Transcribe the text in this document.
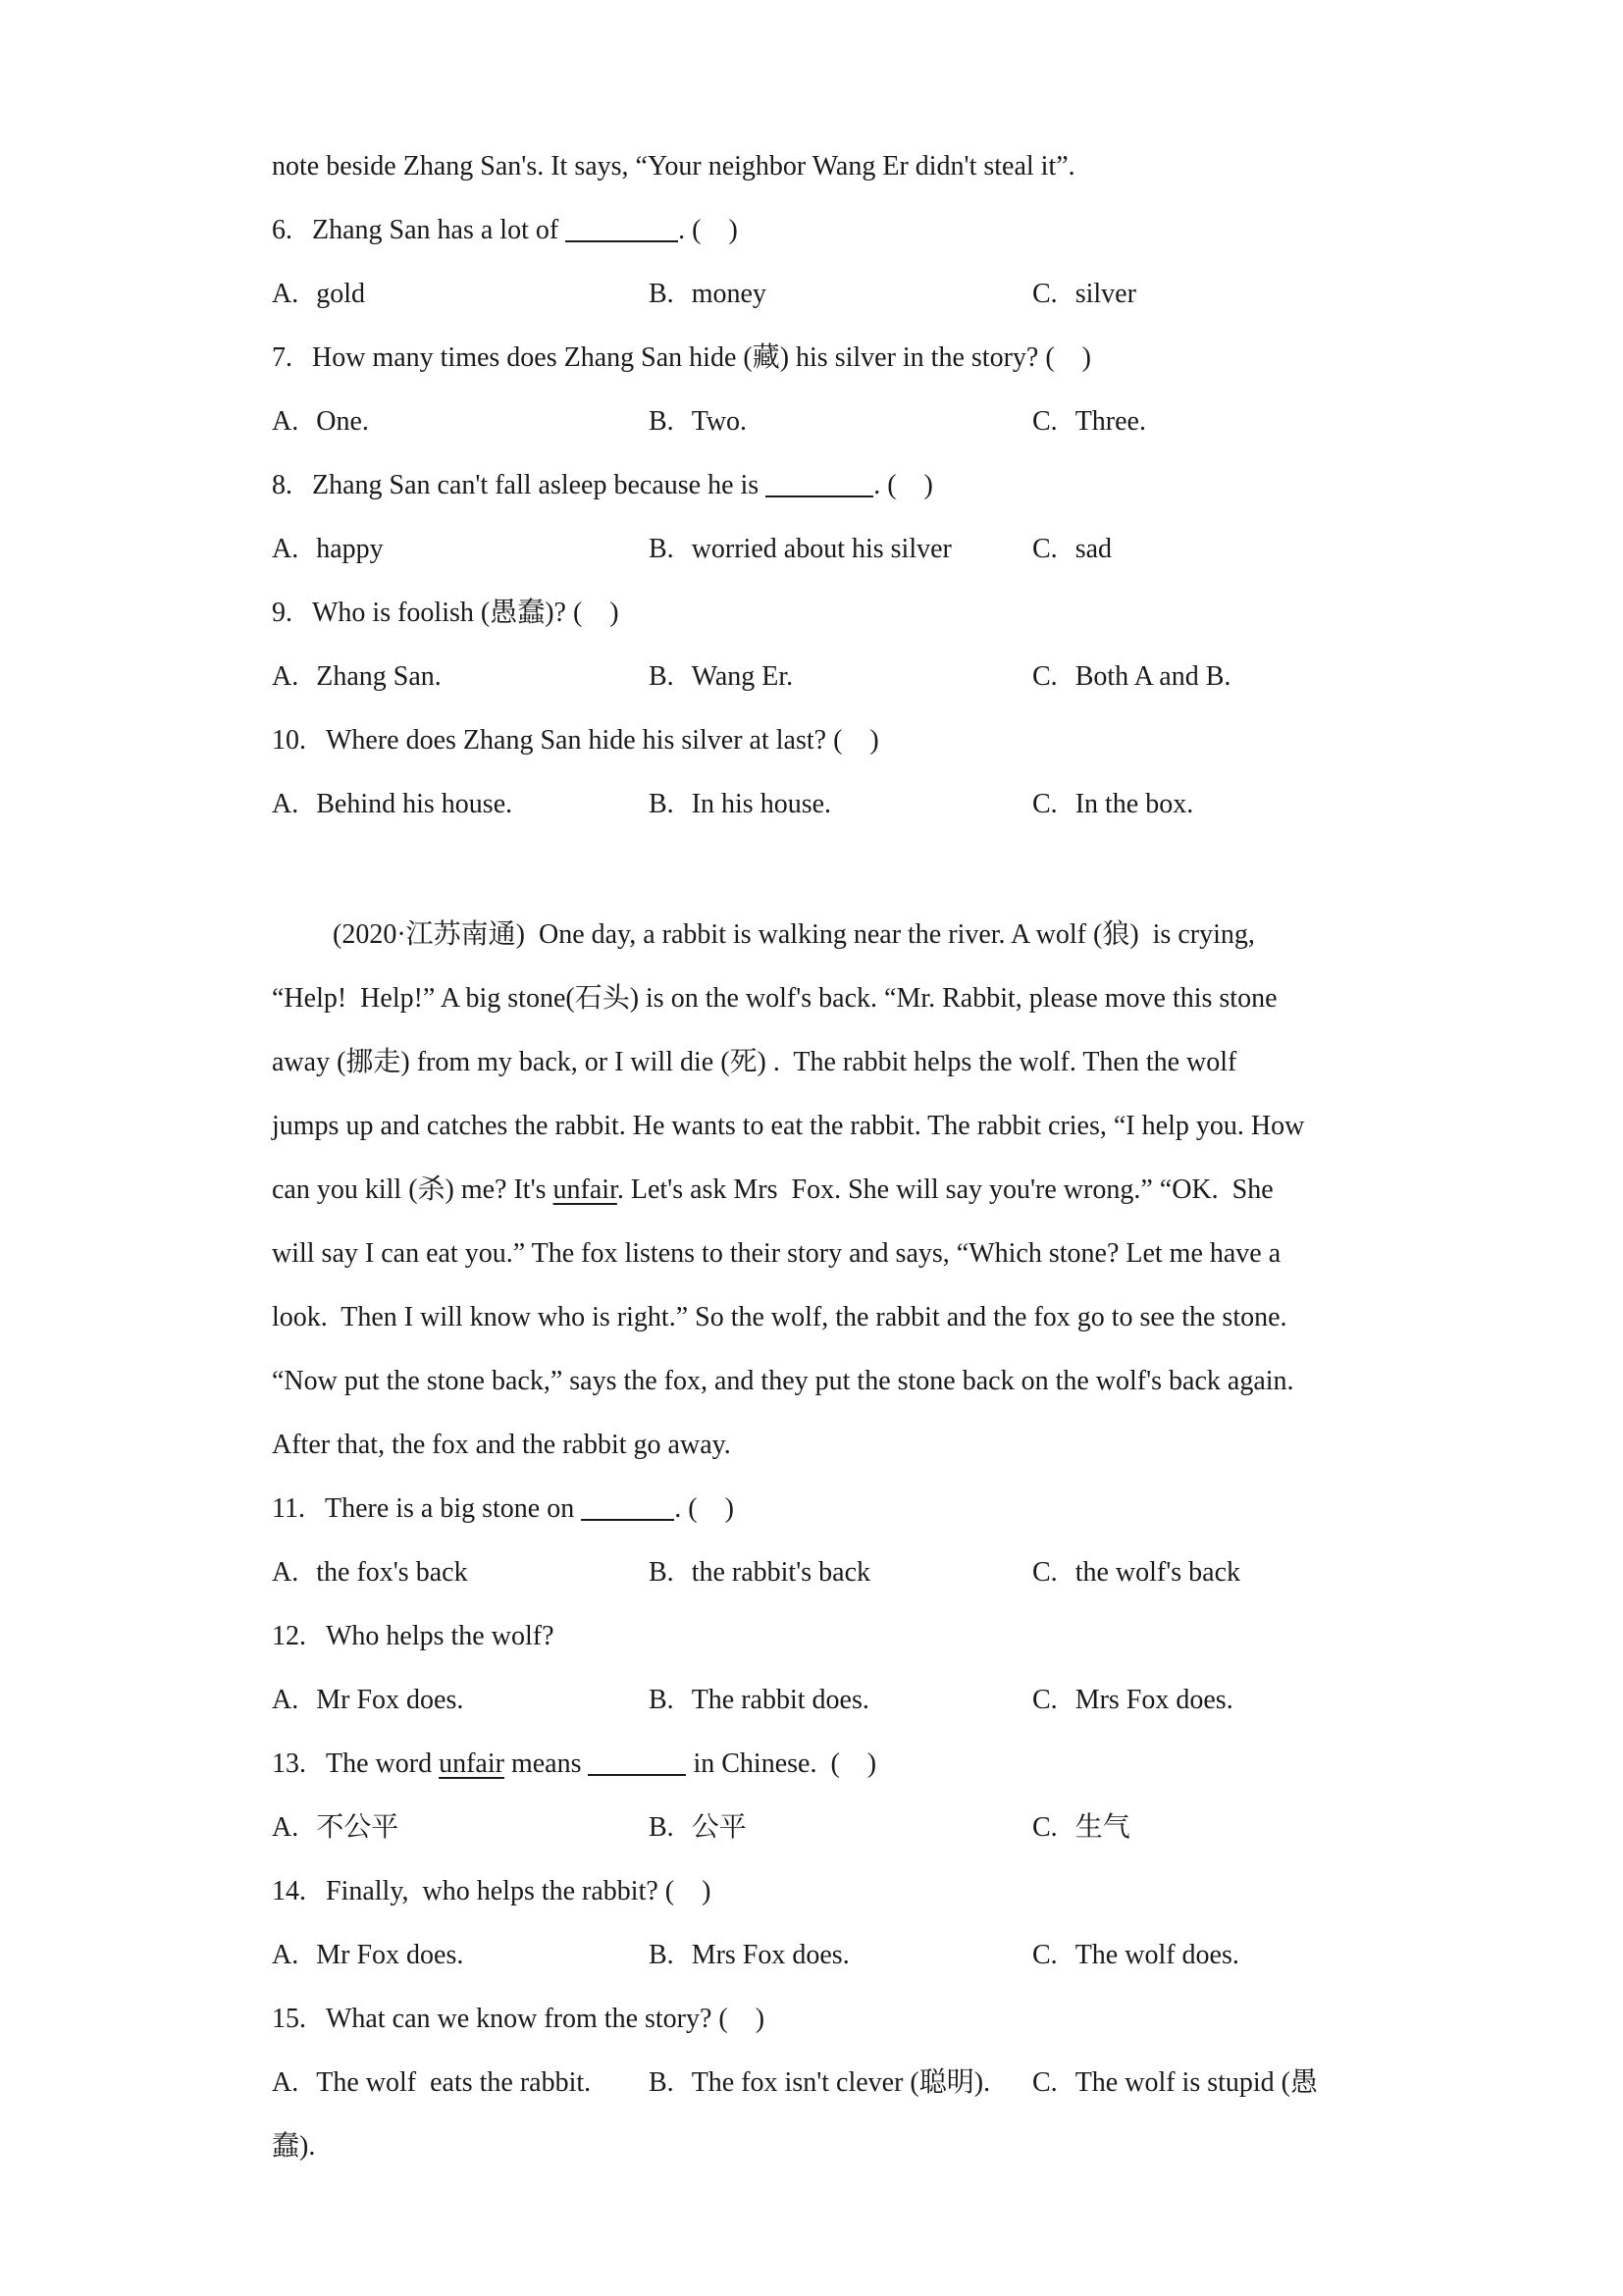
note beside Zhang San's. It says, “Your neighbor Wang Er didn't steal it”.
6. Zhang San has a lot of	. (    )
A. gold	B. money	C. silver
7. How many times does Zhang San hide (藏) his silver in the story? (    )
A. One.	B. Two.	C. Three.
8. Zhang San can't fall asleep because he is	. (    )
A. happy	B. worried about his silver	C. sad
9. Who is foolish (愚蠢)? (    )
A. Zhang San.	B. Wang Er.	C. Both A and B.
10. Where does Zhang San hide his silver at last? (    )
A. Behind his house.	B. In his house.	C. In the box.
(2020·江苏南通)  One day, a rabbit is walking near the river. A wolf (狼)  is crying,
“Help!  Help!” A big stone(石头) is on the wolf's back. “Mr. Rabbit, please move this stone
away (挪走) from my back, or I will die (死) .  The rabbit helps the wolf. Then the wolf
jumps up and catches the rabbit. He wants to eat the rabbit. The rabbit cries, “I help you. How
can you kill (杀) me? It's unfair. Let's ask Mrs  Fox. She will say you're wrong.” “OK.  She
will say I can eat you.” The fox listens to their story and says, “Which stone? Let me have a
look.  Then I will know who is right.” So the wolf, the rabbit and the fox go to see the stone.
“Now put the stone back,” says the fox, and they put the stone back on the wolf's back again.
After that, the fox and the rabbit go away.
11. There is a big stone on	. (    )
A. the fox's back	B. the rabbit's back	C. the wolf's back
12. Who helps the wolf?
A. Mr Fox does.	B. The rabbit does.	C. Mrs Fox does.
13. The word unfair means	in Chinese.  (    )
A. 不公平	B. 公平	C. 生气
14. Finally,  who helps the rabbit? (    )
A. Mr Fox does.	B. Mrs Fox does.	C. The wolf does.
15. What can we know from the story? (    )
A. The wolf  eats the rabbit.	B. The fox isn't clever (聪明).	C. The wolf is stupid (愚
蠢).
